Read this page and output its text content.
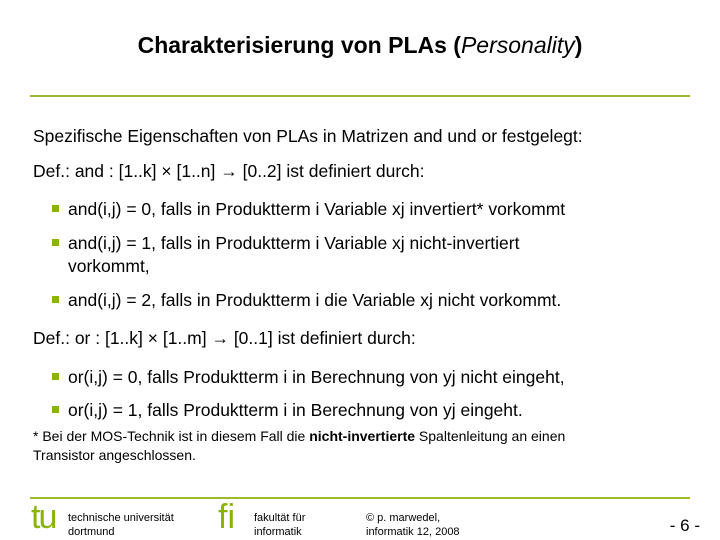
Charakterisierung von PLAs (Personality)
Spezifische Eigenschaften von PLAs in Matrizen and und or festgelegt:
Def.: and : [1..k] × [1..n] → [0..2] ist definiert durch:
and(i,j) = 0, falls in Produktterm i Variable xj invertiert* vorkommt
and(i,j) = 1, falls in Produktterm i Variable xj nicht-invertiert
vorkommt,
and(i,j) = 2, falls in Produktterm i die Variable xj nicht vorkommt.
Def.: or : [1..k] × [1..m] → [0..1] ist definiert durch:
or(i,j) = 0, falls Produktterm i in Berechnung von yj nicht eingeht,
or(i,j) = 1, falls Produktterm i in Berechnung von yj eingeht.
* Bei der MOS-Technik ist in diesem Fall die nicht-invertierte Spaltenleitung an einen
Transistor angeschlossen.
tu technische universität
dortmund	fi fakultät für
informatik
© p. marwedel,
informatik 12, 2008	- 6 -
